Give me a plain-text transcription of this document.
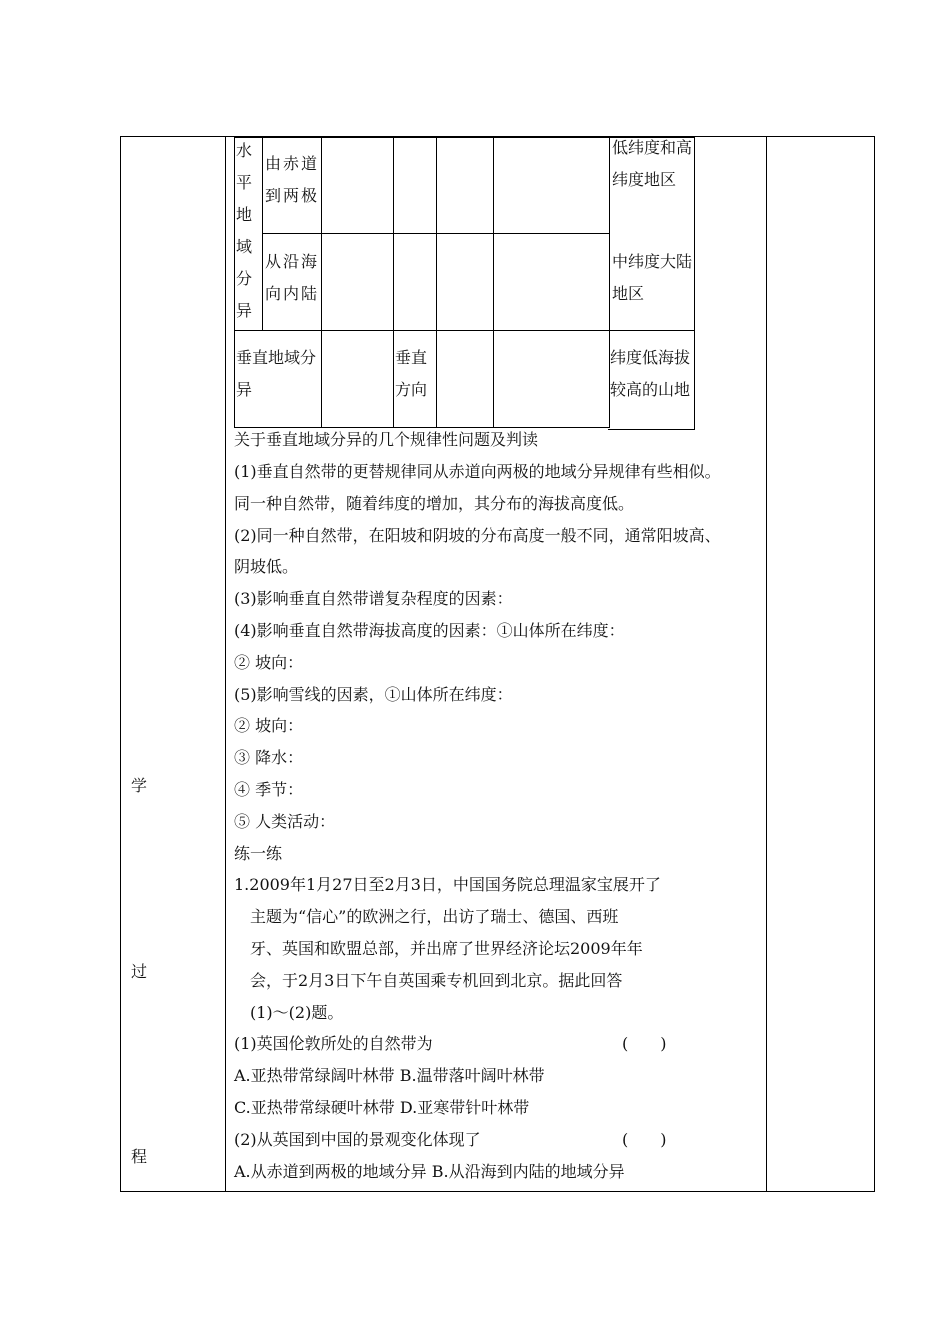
学
过
程
水平地域分异
由赤道到两极
低纬度和高纬度地区
从沿海向内陆
中纬度大陆地区
垂直地域分异
垂直方向
纬度低海拔较高的山地
关于垂直地域分异的几个规律性问题及判读
(1)垂直自然带的更替规律同从赤道向两极的地域分异规律有些相似。
同一种自然带，随着纬度的增加，其分布的海拔高度低。
(2)同一种自然带，在阳坡和阴坡的分布高度一般不同，通常阳坡高、
阴坡低。
(3)影响垂直自然带谱复杂程度的因素：
(4)影响垂直自然带海拔高度的因素：①山体所在纬度：
② 坡向：
(5)影响雪线的因素，①山体所在纬度：
② 坡向：
③ 降水：
④ 季节：
⑤ 人类活动：
练一练
1.2009年1月27日至2月3日，中国国务院总理温家宝展开了
主题为“信心”的欧洲之行，出访了瑞士、德国、西班
牙、英国和欧盟总部，并出席了世界经济论坛2009年年
会，于2月3日下午自英国乘专机回到北京。据此回答
(1)～(2)题。
(1)英国伦敦所处的自然带为	(　　)
A.亚热带常绿阔叶林带 B.温带落叶阔叶林带
C.亚热带常绿硬叶林带 D.亚寒带针叶林带
(2)从英国到中国的景观变化体现了	(　　)
A.从赤道到两极的地域分异 B.从沿海到内陆的地域分异
